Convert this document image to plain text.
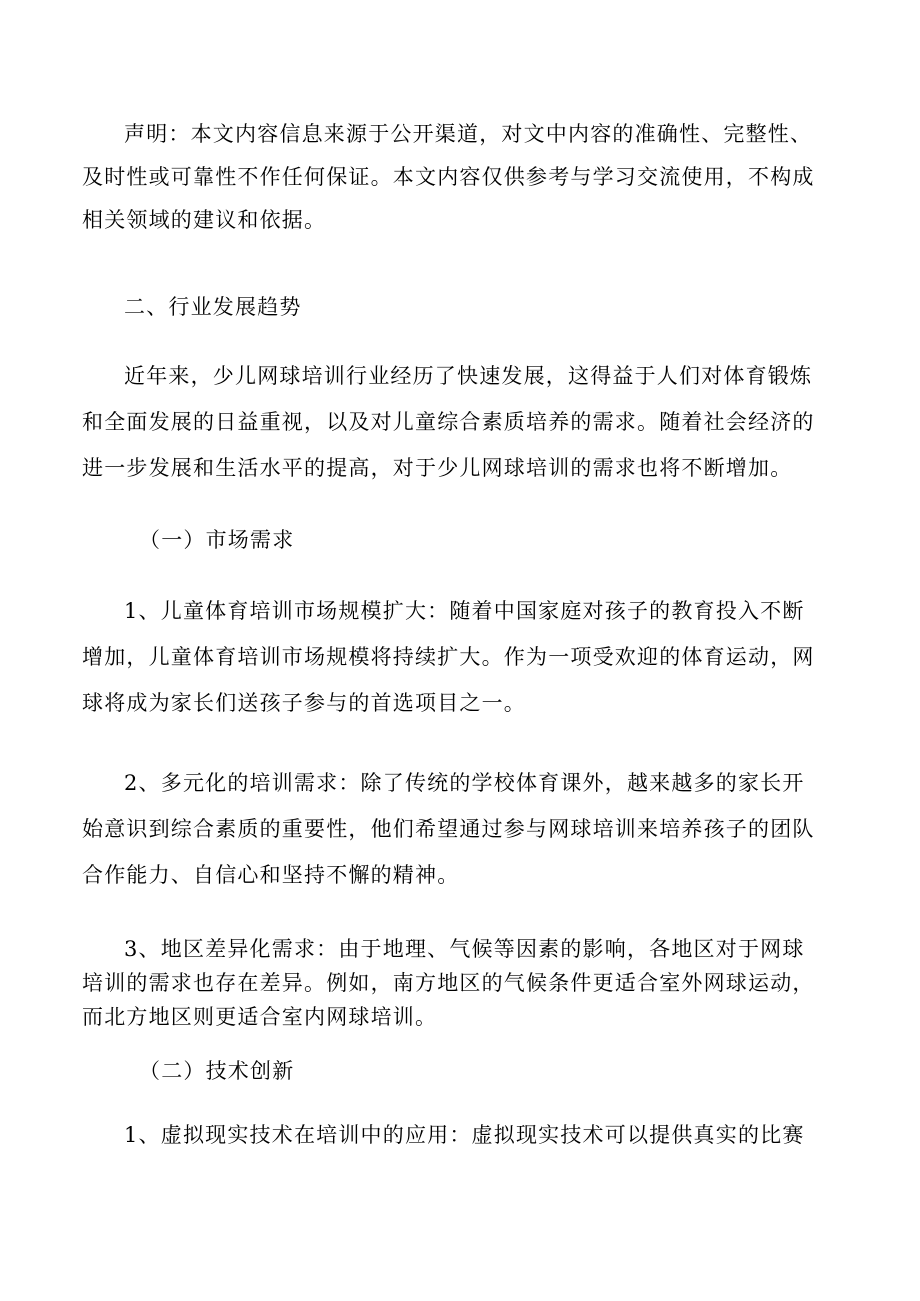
声明：本文内容信息来源于公开渠道，对文中内容的准确性、完整性、
及时性或可靠性不作任何保证。本文内容仅供参考与学习交流使用，不构成
相关领域的建议和依据。

二、行业发展趋势

近年来，少儿网球培训行业经历了快速发展，这得益于人们对体育锻炼
和全面发展的日益重视，以及对儿童综合素质培养的需求。随着社会经济的
进一步发展和生活水平的提高，对于少儿网球培训的需求也将不断增加。

（一）市场需求

1、儿童体育培训市场规模扩大：随着中国家庭对孩子的教育投入不断
增加，儿童体育培训市场规模将持续扩大。作为一项受欢迎的体育运动，网
球将成为家长们送孩子参与的首选项目之一。

2、多元化的培训需求：除了传统的学校体育课外，越来越多的家长开
始意识到综合素质的重要性，他们希望通过参与网球培训来培养孩子的团队
合作能力、自信心和坚持不懈的精神。

3、地区差异化需求：由于地理、气候等因素的影响，各地区对于网球
培训的需求也存在差异。例如，南方地区的气候条件更适合室外网球运动，
而北方地区则更适合室内网球培训。

（二）技术创新

1、虚拟现实技术在培训中的应用：虚拟现实技术可以提供真实的比赛
